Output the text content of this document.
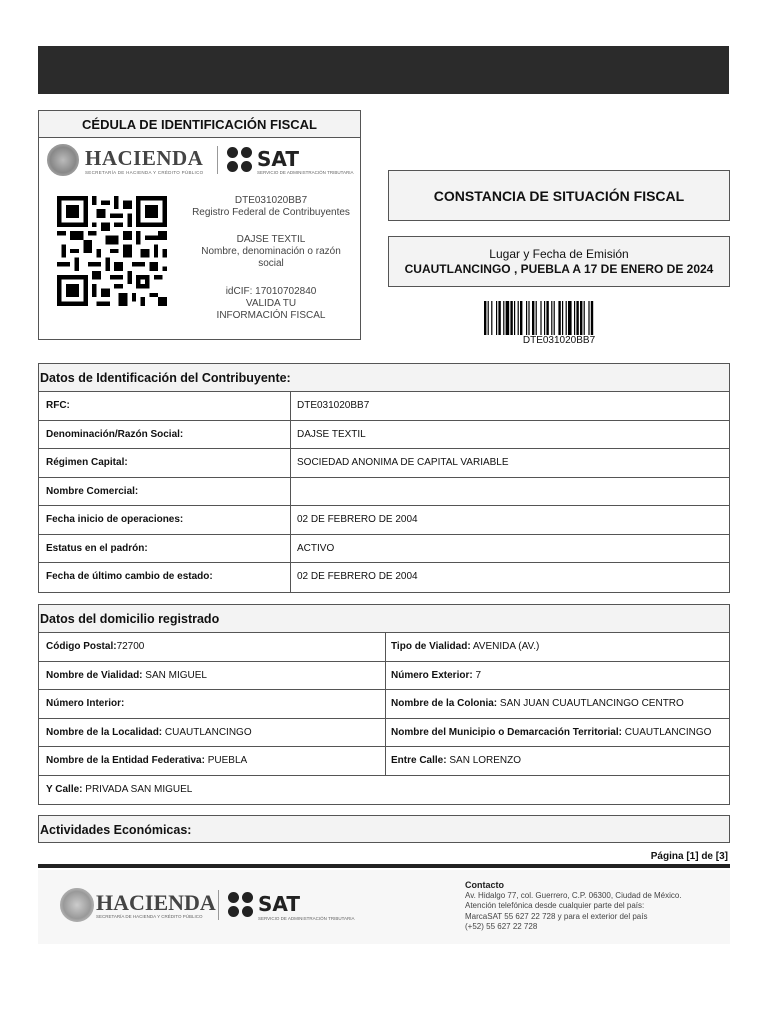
CÉDULA DE IDENTIFICACIÓN FISCAL
HACIENDA
SECRETARÍA DE HACIENDA Y CRÉDITO PÚBLICO
SAT
SERVICIO DE ADMINISTRACIÓN TRIBUTARIA
DTE031020BB7
Registro Federal de Contribuyentes
DAJSE TEXTIL
Nombre, denominación o razón social
idCIF: 17010702840
VALIDA TU INFORMACIÓN FISCAL
CONSTANCIA DE SITUACIÓN FISCAL
Lugar y Fecha de Emisión
CUAUTLANCINGO , PUEBLA A 17 DE ENERO DE 2024
DTE031020BB7
Datos de Identificación del Contribuyente:
RFC:	DTE031020BB7
Denominación/Razón Social:	DAJSE TEXTIL
Régimen Capital:	SOCIEDAD ANONIMA DE CAPITAL VARIABLE
Nombre Comercial:
Fecha inicio de operaciones:	02 DE FEBRERO DE 2004
Estatus en el padrón:	ACTIVO
Fecha de último cambio de estado:	02 DE FEBRERO DE 2004
Datos del domicilio registrado
Código Postal:72700	Tipo de Vialidad: AVENIDA (AV.)
Nombre de Vialidad: SAN MIGUEL	Número Exterior: 7
Número Interior:	Nombre de la Colonia: SAN JUAN CUAUTLANCINGO CENTRO
Nombre de la Localidad: CUAUTLANCINGO	Nombre del Municipio o Demarcación Territorial: CUAUTLANCINGO
Nombre de la Entidad Federativa: PUEBLA	Entre Calle: SAN LORENZO
Y Calle: PRIVADA SAN MIGUEL
Actividades Económicas:
Página [1] de [3]
HACIENDA
SECRETARÍA DE HACIENDA Y CRÉDITO PÚBLICO
SAT
SERVICIO DE ADMINISTRACIÓN TRIBUTARIA
Contacto
Av. Hidalgo 77, col. Guerrero, C.P. 06300, Ciudad de México.
Atención telefónica desde cualquier parte del país:
MarcaSAT 55 627 22 728 y para el exterior del país
(+52) 55 627 22 728
